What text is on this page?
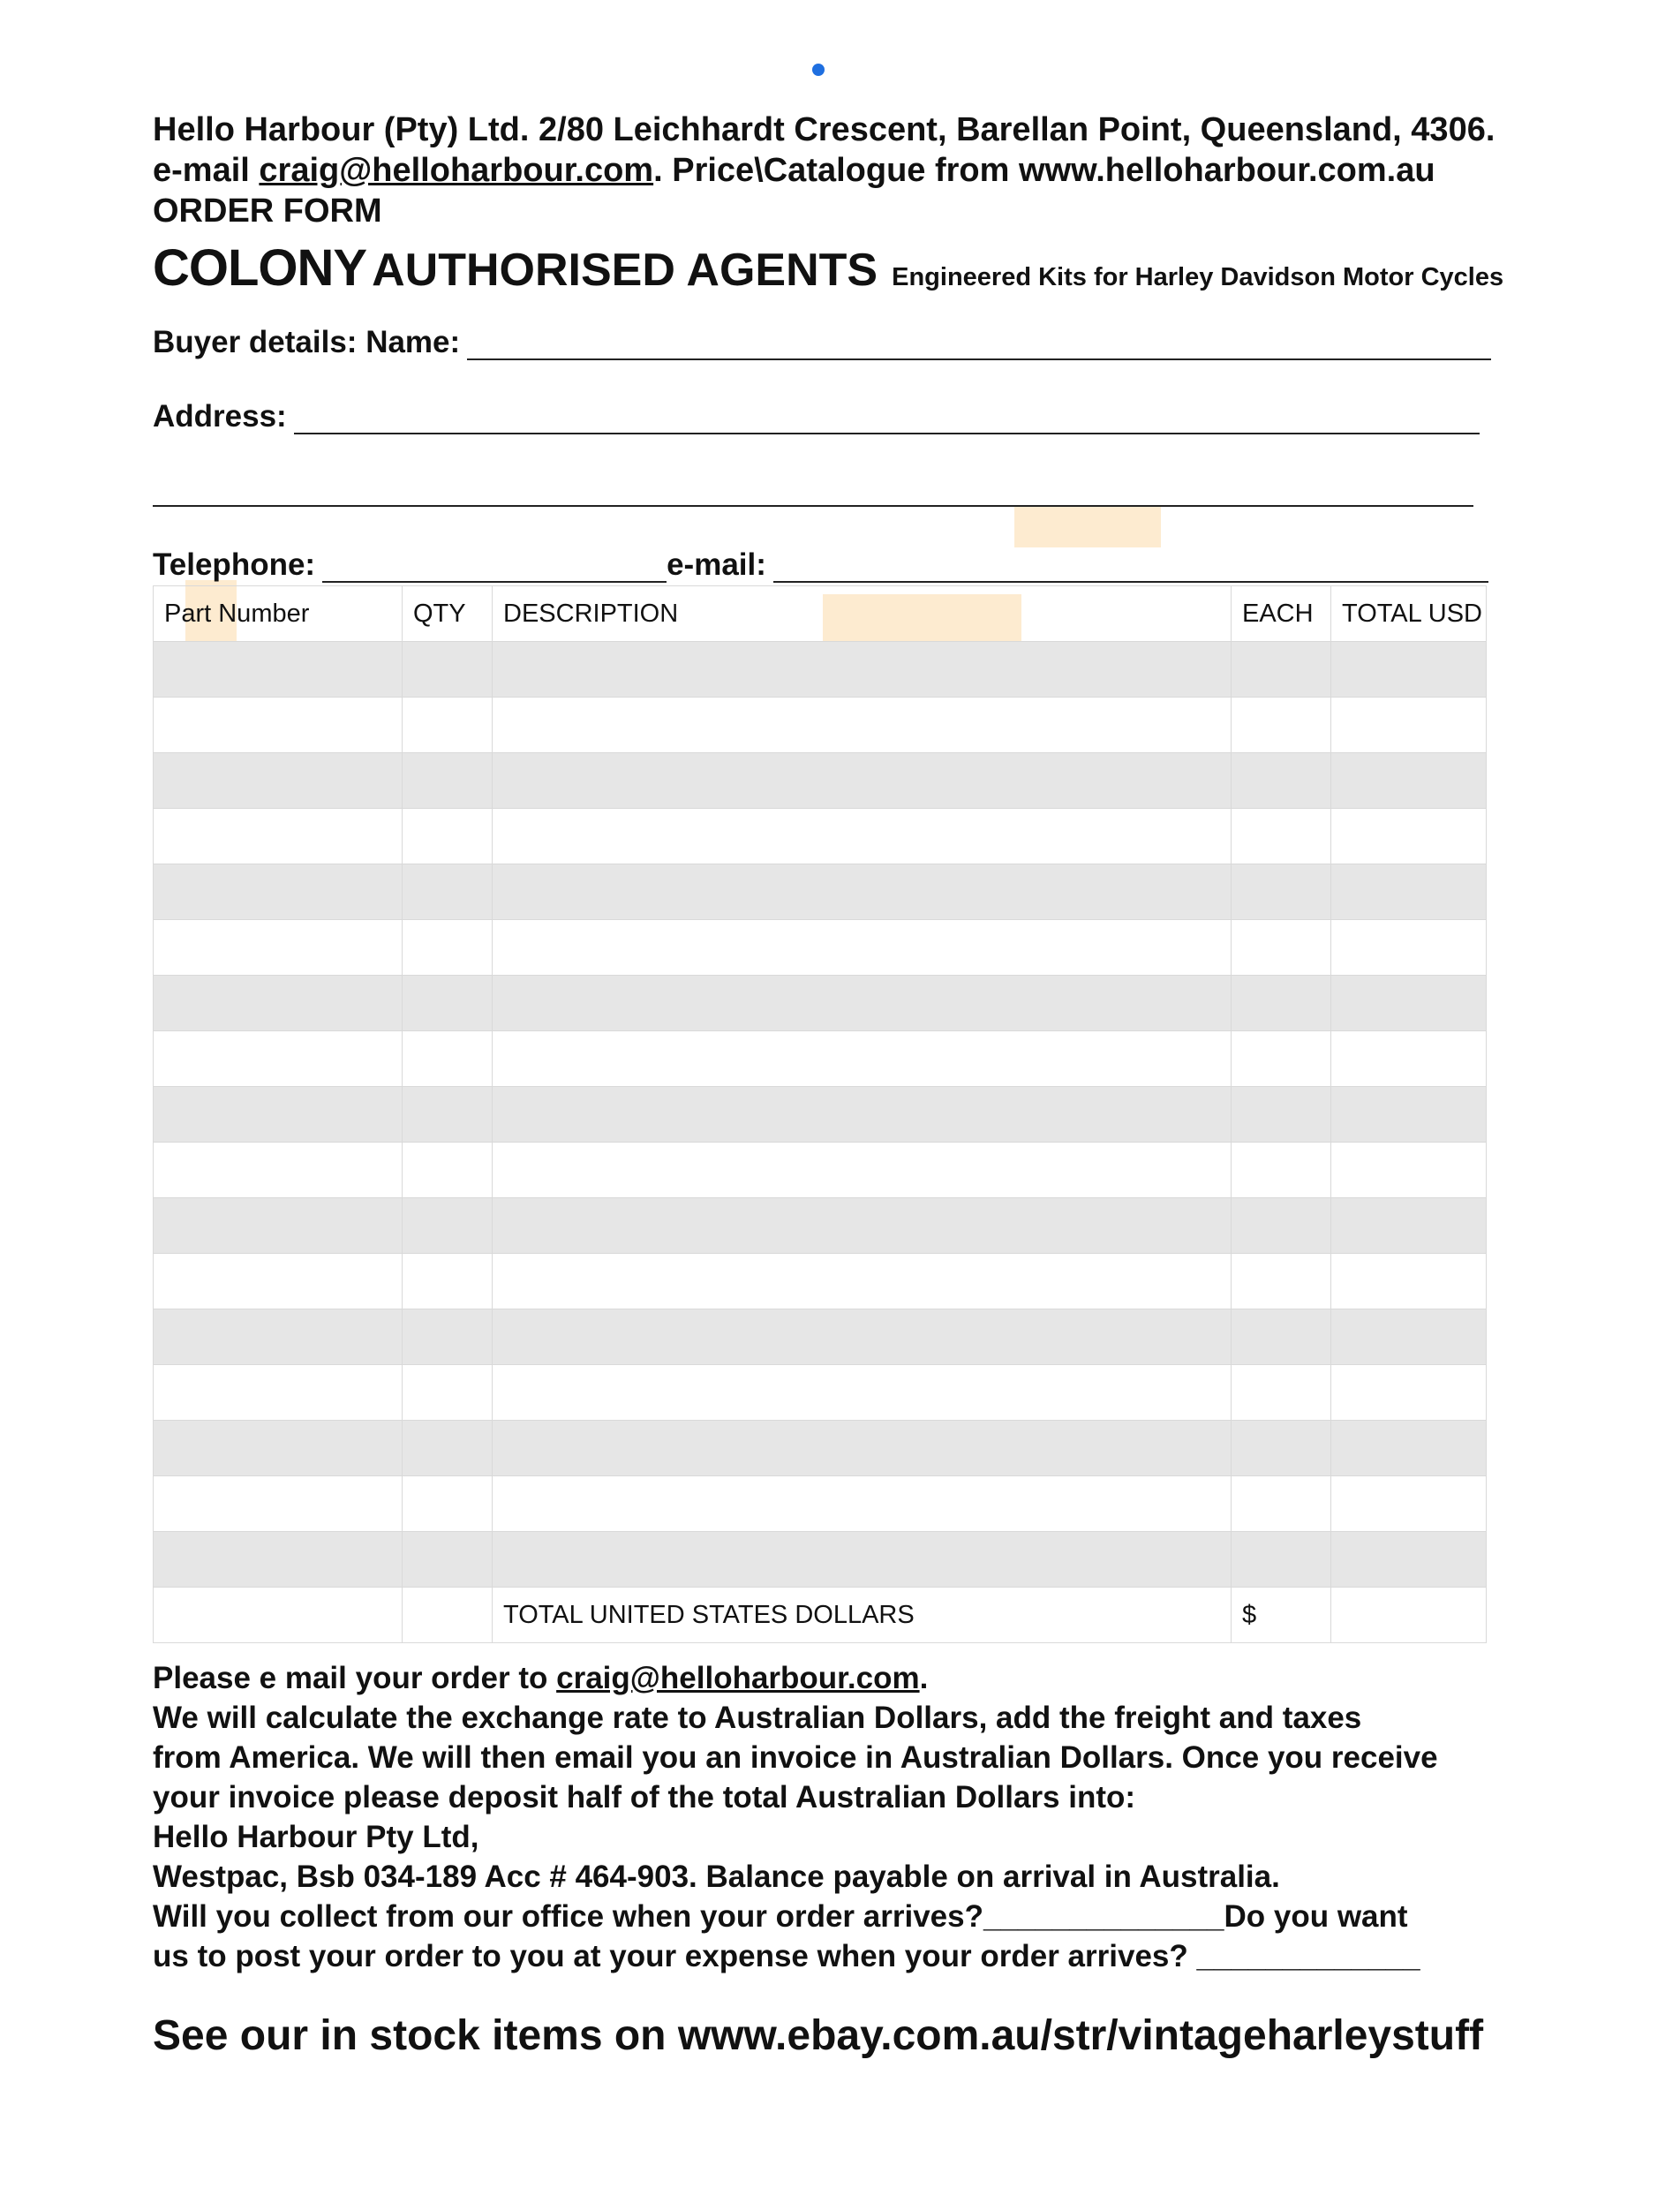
Hello Harbour (Pty) Ltd. 2/80 Leichhardt Crescent, Barellan Point, Queensland, 4306.
e-mail craig@helloharbour.com. Price\Catalogue from www.helloharbour.com.au
ORDER FORM
COLONY AUTHORISED AGENTS Engineered Kits for Harley Davidson Motor Cycles
Buyer details: Name:
Address:
Telephone:	e-mail:
Part Number	QTY	DESCRIPTION	EACH	TOTAL USD

		TOTAL UNITED STATES DOLLARS	$	

Please e mail your order to craig@helloharbour.com.

We will calculate the exchange rate to Australian Dollars, add the freight and taxes

from America. We will then email you an invoice in Australian Dollars. Once you receive

your invoice please deposit half of the total Australian Dollars into:

Hello Harbour Pty Ltd,

Westpac, Bsb 034-189 Acc # 464-903. Balance payable on arrival in Australia.

Will you collect from our office when your order arrives?______________Do you want

us to post your order to you at your expense when your order arrives? _____________

See our in stock items on www.ebay.com.au/str/vintageharleystuff
